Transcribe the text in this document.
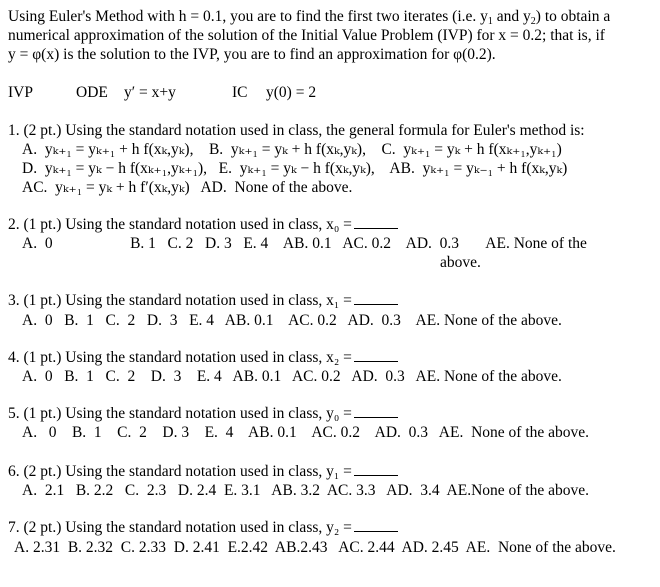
Using Euler's Method with h = 0.1, you are to find the first two iterates (i.e. $y_1$ and $y_2$) to obtain a
numerical approximation of the solution of the Initial Value Problem (IVP) for x = 0.2; that is, if
y = φ(x) is the solution to the IVP, you are to find an approximation for φ(0.2).
IVP	ODE y′ = x+y	IC y(0) = 2
1. (2 pt.) Using the standard notation used in class, the general formula for Euler's method is:
A.  yₖ₊₁ = yₖ₊₁ + h f(xₖ,yₖ),    B.  yₖ₊₁ = yₖ + h f(xₖ,yₖ),    C.  yₖ₊₁ = yₖ + h f(xₖ₊₁,yₖ₊₁)
D.  yₖ₊₁ = yₖ − h f(xₖ₊₁,yₖ₊₁),   E.  yₖ₊₁ = yₖ − h f(xₖ,yₖ),    AB.  yₖ₊₁ = yₖ₋₁ + h f(xₖ,yₖ)
AC.  yₖ₊₁ = yₖ + h f′(xₖ,yₖ)   AD.  None of the above.
2. (1 pt.) Using the standard notation used in class, x₀ =
A.  0                    B. 1   C. 2   D. 3   E. 4    AB. 0.1   AC. 0.2    AD.  0.3       AE. None of the
above.
3. (1 pt.) Using the standard notation used in class, x₁ =
A.  0   B.  1   C.  2   D.  3   E. 4   AB. 0.1    AC. 0.2   AD.  0.3    AE. None of the above.
4. (1 pt.) Using the standard notation used in class, x₂ =
A.  0   B.  1   C.  2    D.  3    E. 4   AB. 0.1   AC. 0.2   AD.  0.3   AE. None of the above.
5. (1 pt.) Using the standard notation used in class, y₀ =
A.   0    B.  1    C.  2    D. 3    E.  4    AB. 0.1    AC. 0.2    AD.  0.3   AE.  None of the above.
6. (2 pt.) Using the standard notation used in class, y₁ =
A.  2.1   B. 2.2   C.  2.3   D. 2.4  E. 3.1   AB. 3.2  AC. 3.3   AD.  3.4  AE.None of the above.
7. (2 pt.) Using the standard notation used in class, y₂ =
A. 2.31  B. 2.32  C. 2.33  D. 2.41  E.2.42  AB.2.43   AC. 2.44  AD. 2.45  AE.  None of the above.
